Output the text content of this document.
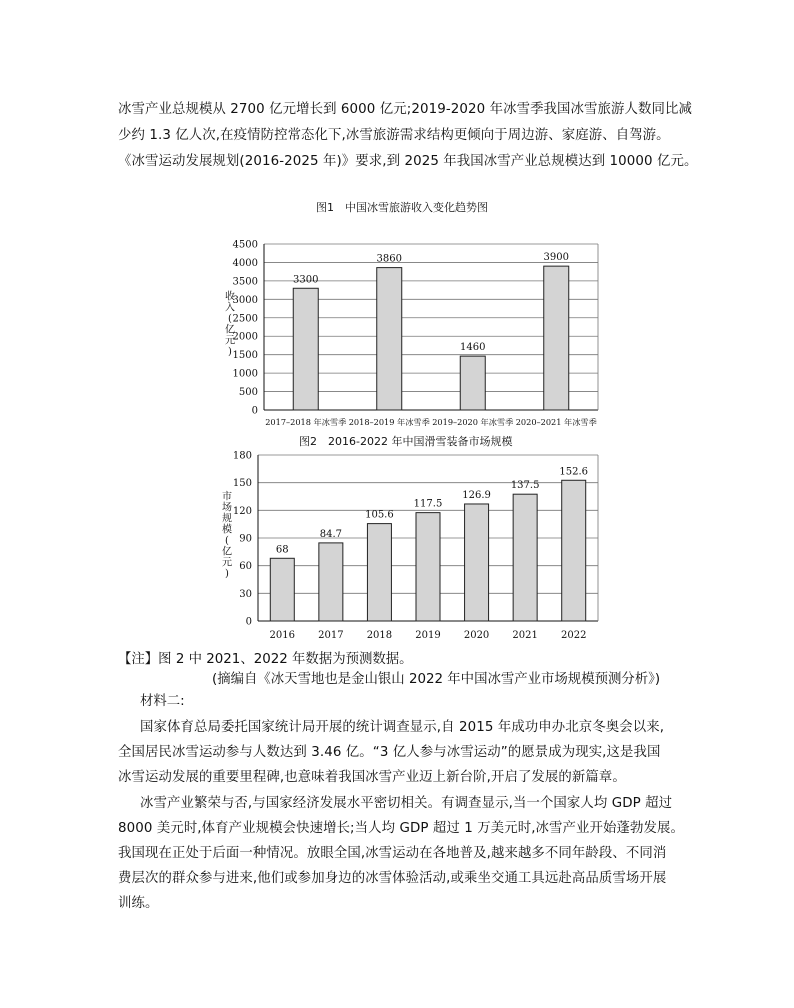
冰雪产业总规模从 2700 亿元增长到 6000 亿元;2019-2020 年冰雪季我国冰雪旅游人数同比减
少约 1.3 亿人次,在疫情防控常态化下,冰雪旅游需求结构更倾向于周边游、家庭游、自驾游。
《冰雪运动发展规划(2016-2025 年)》要求,到 2025 年我国冰雪产业总规模达到 10000 亿元。
图1　中国冰雪旅游收入变化趋势图
图2　2016-2022 年中国滑雪装备市场规模
0
500
1000
1500
2000
2500
3000
3500
4000
4500
3300
2017–2018 年冰雪季
3860
2018–2019 年冰雪季
1460
2019–2020 年冰雪季
3900
2020–2021 年冰雪季
收入(亿元)
0
30
60
90
120
150
180
68
2016
84.7
2017
105.6
2018
117.5
2019
126.9
2020
137.5
2021
152.6
2022
市场规模(亿元)
【注】图 2 中 2021、2022 年数据为预测数据。
(摘编自《冰天雪地也是金山银山 2022 年中国冰雪产业市场规模预测分析》)
材料二:
国家体育总局委托国家统计局开展的统计调查显示,自 2015 年成功申办北京冬奥会以来,
全国居民冰雪运动参与人数达到 3.46 亿。“3 亿人参与冰雪运动”的愿景成为现实,这是我国
冰雪运动发展的重要里程碑,也意味着我国冰雪产业迈上新台阶,开启了发展的新篇章。
冰雪产业繁荣与否,与国家经济发展水平密切相关。有调查显示,当一个国家人均 GDP 超过
8000 美元时,体育产业规模会快速增长;当人均 GDP 超过 1 万美元时,冰雪产业开始蓬勃发展。
我国现在正处于后面一种情况。放眼全国,冰雪运动在各地普及,越来越多不同年龄段、不同消
费层次的群众参与进来,他们或参加身边的冰雪体验活动,或乘坐交通工具远赴高品质雪场开展
训练。
